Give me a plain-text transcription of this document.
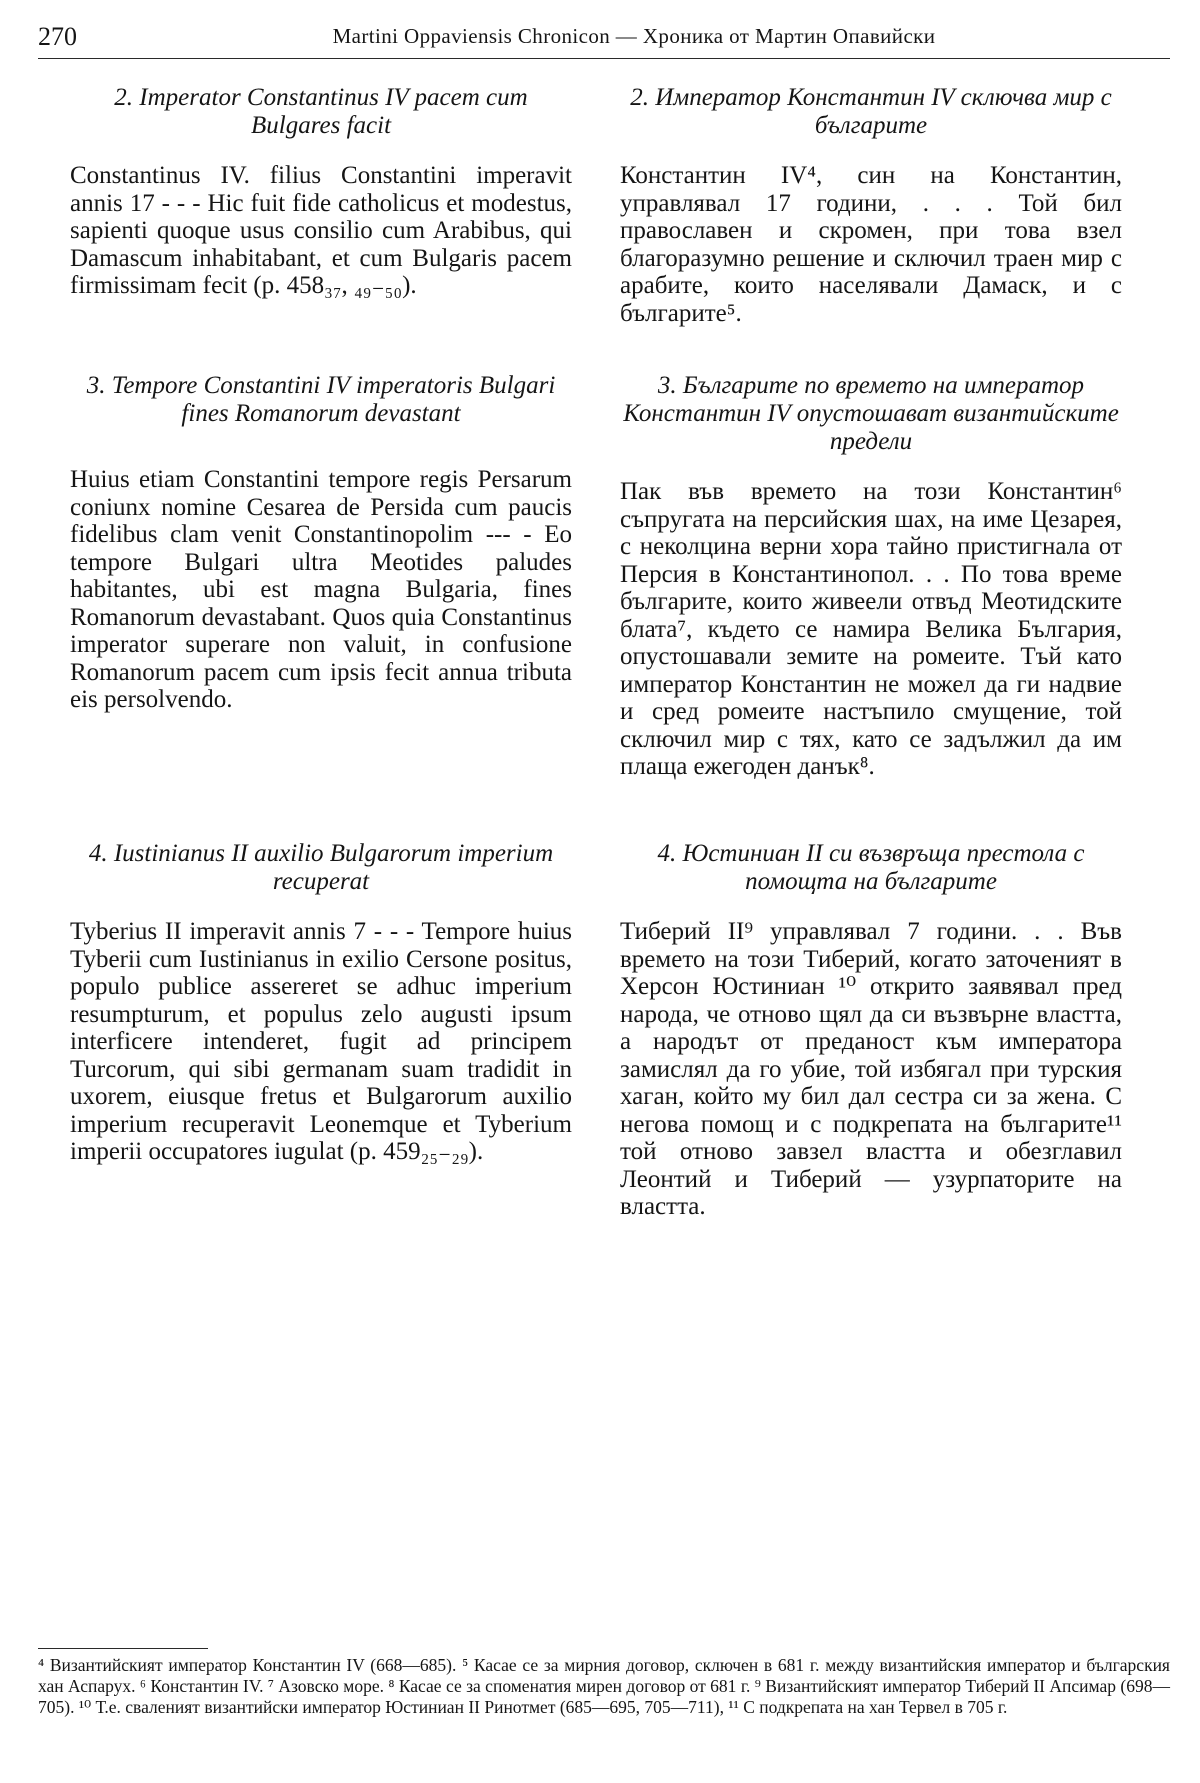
270	Martini Oppaviensis Chronicon — Хроника от Мартин Опавийски

2. Imperator Constantinus IV pacem cum Bulgares facit

Constantinus IV. filius Constantini imperavit annis 17 - - - Hic fuit fide catholicus et modestus, sapienti quoque usus consilio cum Arabibus, qui Damascum inhabitabant, et cum Bulgaris pacem firmissimam fecit (p. 458₃₇, ₄₉₋₅₀).

3. Tempore Constantini IV imperatoris Bulgari fines Romanorum devastant

Huius etiam Constantini tempore regis Persarum coniunx nomine Cesarea de Persida cum paucis fidelibus clam venit Constantinopolim --- - Eo tempore Bulgari ultra Meotides paludes habitantes, ubi est magna Bulgaria, fines Romanorum devastabant. Quos quia Constantinus imperator superare non valuit, in confusione Romanorum pacem cum ipsis fecit annua tributa eis persolvendo.

4. Iustinianus II auxilio Bulgarorum imperium recuperat

Tyberius II imperavit annis 7 - - - Tempore huius Tyberii cum Iustinianus in exilio Cersone positus, populo publice assereret se adhuc imperium resumpturum, et populus zelo augusti ipsum interficere intenderet, fugit ad principem Turcorum, qui sibi germanam suam tradidit in uxorem, eiusque fretus et Bulgarorum auxilio imperium recuperavit Leonemque et Tyberium imperii occupatores iugulat (p. 459₂₅₋₂₉).

2. Император Константин IV сключва мир с българите

Константин IV⁴, син на Константин, управлявал 17 години, . . . Той бил православен и скромен, при това взел благоразумно решение и сключил траен мир с арабите, които населявали Дамаск, и с българите⁵.

3. Българите по времето на император Константин IV опустошават византийските предели

Пак във времето на този Константин⁶ съпругата на персийския шах, на име Цезарея, с неколцина верни хора тайно пристигнала от Персия в Константинопол. . . По това време българите, които живеели отвъд Меотидските блата⁷, където се намира Велика България, опустошавали земите на ромеите. Тъй като император Константин не можел да ги надвие и сред ромеите настъпило смущение, той сключил мир с тях, като се задължил да им плаща ежегоден данък⁸.

4. Юстиниан II си възвръща престола с помощта на българите

Тиберий II⁹ управлявал 7 години. . . Във времето на този Тиберий, когато заточеният в Херсон Юстиниан ¹⁰ открито заявявал пред народа, че отново щял да си възвърне властта, а народът от преданост към императора замислял да го убие, той избягал при турския хаган, който му бил дал сестра си за жена. С негова помощ и с подкрепата на българите¹¹ той отново завзел властта и обезглавил Леонтий и Тиберий — узурпаторите на властта.

⁴ Византийският император Константин IV (668—685). ⁵ Касае се за мирния договор, сключен в 681 г. между византийския император и българския хан Аспарух. ⁶ Константин IV. ⁷ Азовско море. ⁸ Касае се за споменатия мирен договор от 681 г. ⁹ Византийският император Тиберий II Апсимар (698—705). ¹⁰ Т.е. сваленият византийски император Юстиниан II Ринотмет (685—695, 705—711), ¹¹ С подкрепата на хан Тервел в 705 г.
